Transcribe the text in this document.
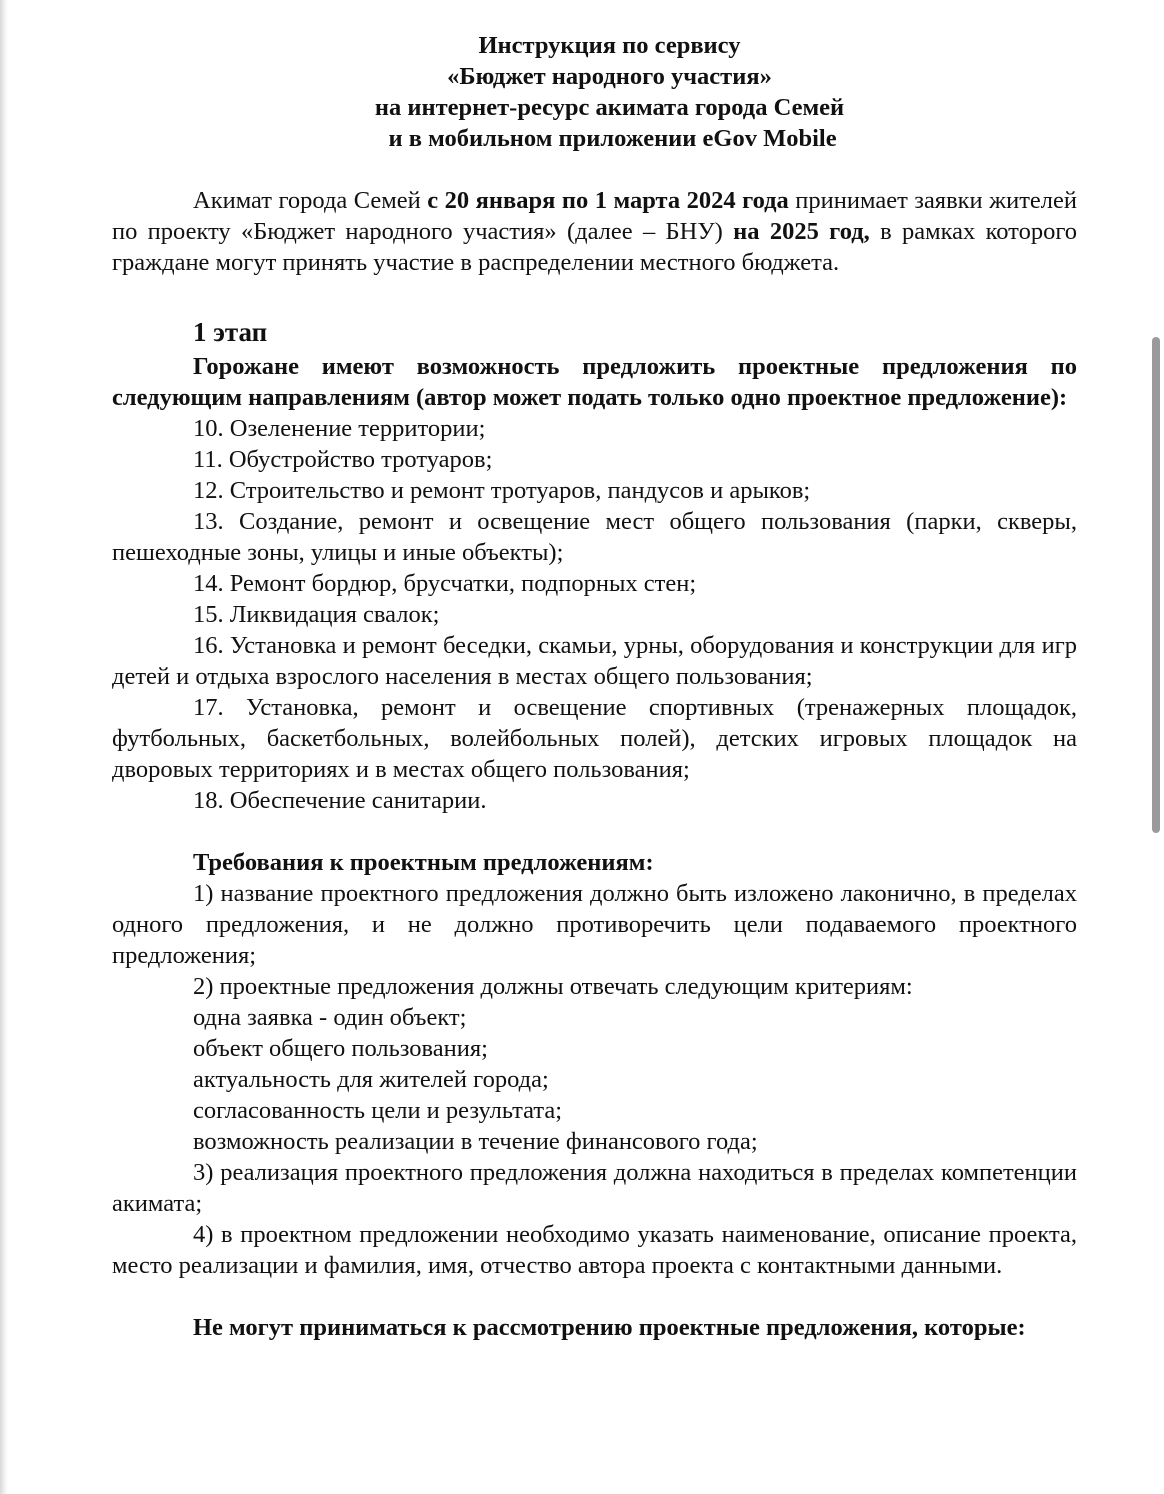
Инструкция по сервису
«Бюджет народного участия»
на интернет-ресурс акимата города Семей
и в мобильном приложении eGov Mobile

Акимат города Семей с 20 января по 1 марта 2024 года принимает заявки жителей по проекту «Бюджет народного участия» (далее – БНУ) на 2025 год, в рамках которого граждане могут принять участие в распределении местного бюджета.

1 этап

Горожане имеют возможность предложить проектные предложения по следующим направлениям (автор может подать только одно проектное предложение):

10. Озеленение территории;

11. Обустройство тротуаров;

12. Строительство и ремонт тротуаров, пандусов и арыков;

13. Создание, ремонт и освещение мест общего пользования (парки, скверы, пешеходные зоны, улицы и иные объекты);

14. Ремонт бордюр, брусчатки, подпорных стен;

15. Ликвидация свалок;

16. Установка и ремонт беседки, скамьи, урны, оборудования и конструкции для игр детей и отдыха взрослого населения в местах общего пользования;

17. Установка, ремонт и освещение спортивных (тренажерных площадок, футбольных, баскетбольных, волейбольных полей), детских игровых площадок на дворовых территориях и в местах общего пользования;

18. Обеспечение санитарии.

Требования к проектным предложениям:

1) название проектного предложения должно быть изложено лаконично, в пределах одного предложения, и не должно противоречить цели подаваемого проектного предложения;

2) проектные предложения должны отвечать следующим критериям:

одна заявка - один объект;

объект общего пользования;

актуальность для жителей города;

согласованность цели и результата;

возможность реализации в течение финансового года;

3) реализация проектного предложения должна находиться в пределах компетенции акимата;

4) в проектном предложении необходимо указать наименование, описание проекта, место реализации и фамилия, имя, отчество автора проекта с контактными данными.

Не могут приниматься к рассмотрению проектные предложения, которые:
